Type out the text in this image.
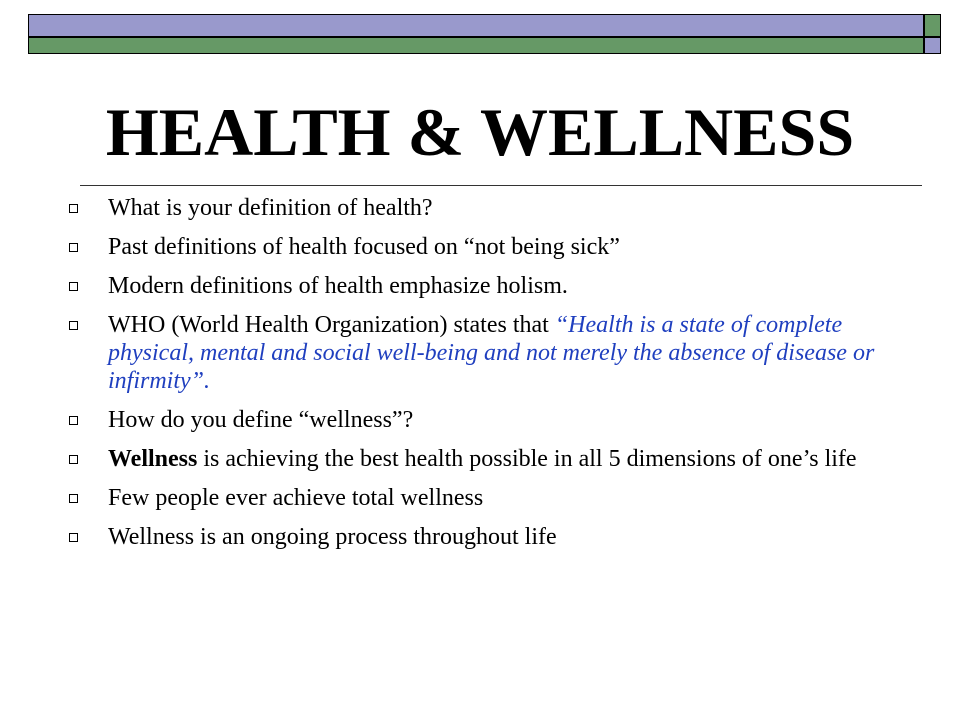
HEALTH & WELLNESS
What is your definition of health?
Past definitions of health focused on “not being sick”
Modern definitions of health emphasize holism.
WHO (World Health Organization) states that “Health is a state of complete physical, mental and social well-being and not merely the absence of disease or infirmity”.
How do you define “wellness”?
Wellness is achieving the best health possible in all 5 dimensions of one’s life
Few people ever achieve total wellness
Wellness is an ongoing process throughout life
